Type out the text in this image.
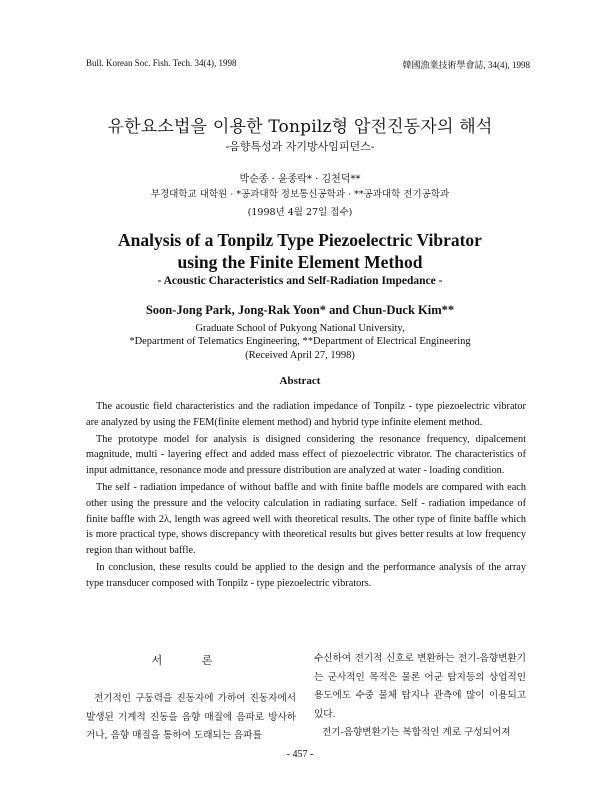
Bull. Korean Soc. Fish. Tech. 34(4), 1998	韓國漁業技術學會誌, 34(4), 1998
유한요소법을 이용한 Tonpilz형 압전진동자의 해석
-음향특성과 자기방사임피던스-
박순종 · 윤종락* · 김천덕**
부경대학교 대학원 · *공과대학 정보통신공학과 · **공과대학 전기공학과
(1998년 4월 27일 접수)
Analysis of a Tonpilz Type Piezoelectric Vibrator
using the Finite Element Method
- Acoustic Characteristics and Self-Radiation Impedance -
Soon-Jong Park, Jong-Rak Yoon* and Chun-Duck Kim**
Graduate School of Pukyong National University,
*Department of Telematics Engineering, **Department of Electrical Engineering
(Received April 27, 1998)
Abstract

The acoustic field characteristics and the radiation impedance of Tonpilz - type piezoelectric vibrator are analyzed by using the FEM(finite element method) and hybrid type infinite element method.

The prototype model for analysis is disigned considering the resonance frequency, dipalcement magnitude, multi - layering effect and added mass effect of piezoelectric vibrator. The characteristics of input admittance, resonance mode and pressure distribution are analyzed at water - loading condition.

The self - radiation impedance of without baffle and with finite baffle models are compared with each other using the pressure and the velocity calculation in radiating surface. Self - radiation impedance of finite baffle with 2λ, length was agreed well with theoretical results. The other type of finite baffle which is more practical type, shows discrepancy with theoretical results but gives better results at low frequency region than without baffle.

In conclusion, these results could be applied to the design and the performance analysis of the array type transducer composed with Tonpilz - type piezoelectric vibrators.

서 론

전기적인 구동력을 진동자에 가하여 진동자에서 발생된 기계적 진동을 음향 매질에 음파로 방사하거나, 음향 매질을 통하여 도래되는 음파를

수신하여 전기적 신호로 변환하는 전기-음향변환기는 군사적인 목적은 물론 어군 탐지등의 상업적인 용도에도 수중 물체 탐지나 관측에 많이 이용되고 있다.

전기-음향변환기는 복합적인 계로 구성되어져

- 457 -
